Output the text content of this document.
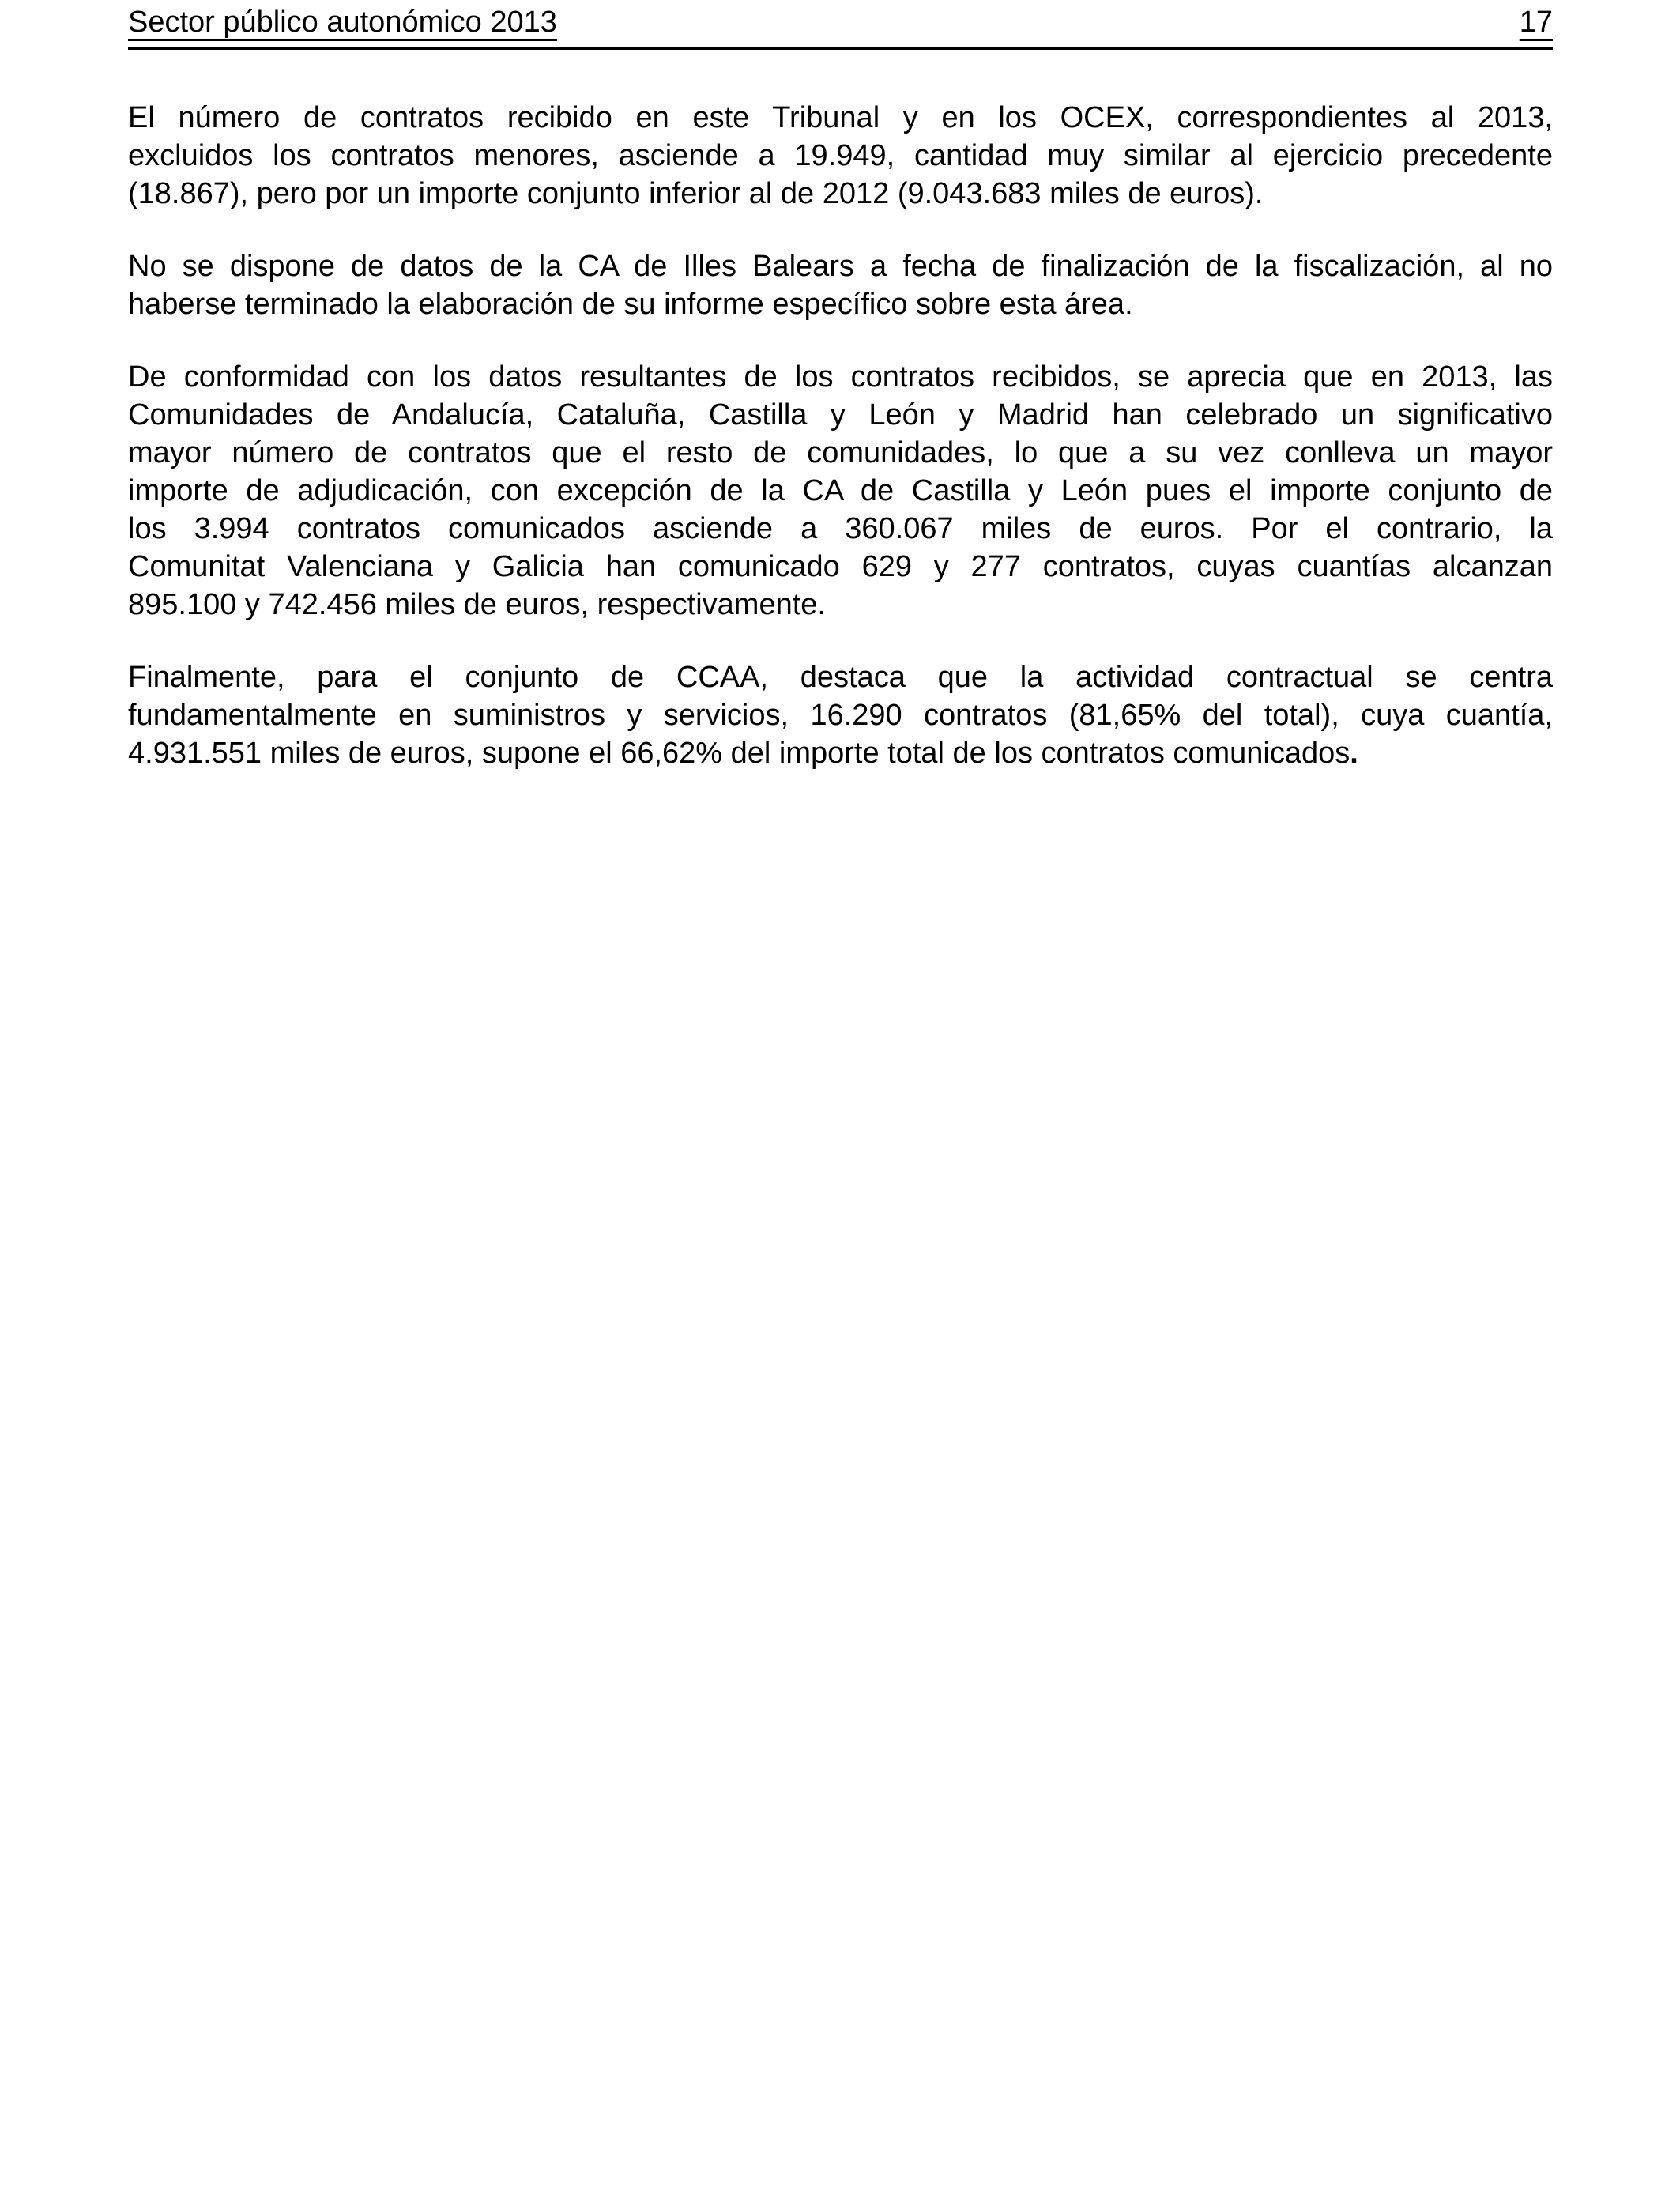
Sector público autonómico 2013	17
El número de contratos recibido en este Tribunal y en los OCEX, correspondientes al 2013,
excluidos los contratos menores, asciende a 19.949, cantidad muy similar al ejercicio precedente
(18.867), pero por un importe conjunto inferior al de 2012 (9.043.683 miles de euros).
No se dispone de datos de la CA de Illes Balears a fecha de finalización de la fiscalización, al no
haberse terminado la elaboración de su informe específico sobre esta área.
De conformidad con los datos resultantes de los contratos recibidos, se aprecia que en 2013, las
Comunidades de Andalucía, Cataluña, Castilla y León y Madrid han celebrado un significativo
mayor número de contratos que el resto de comunidades, lo que a su vez conlleva un mayor
importe de adjudicación, con excepción de la CA de Castilla y León pues el importe conjunto de
los 3.994 contratos comunicados asciende a 360.067 miles de euros. Por el contrario, la
Comunitat Valenciana y Galicia han comunicado 629 y 277 contratos, cuyas cuantías alcanzan
895.100 y 742.456 miles de euros, respectivamente.
Finalmente, para el conjunto de CCAA, destaca que la actividad contractual se centra
fundamentalmente en suministros y servicios, 16.290 contratos (81,65% del total), cuya cuantía,
4.931.551 miles de euros, supone el 66,62% del importe total de los contratos comunicados.
